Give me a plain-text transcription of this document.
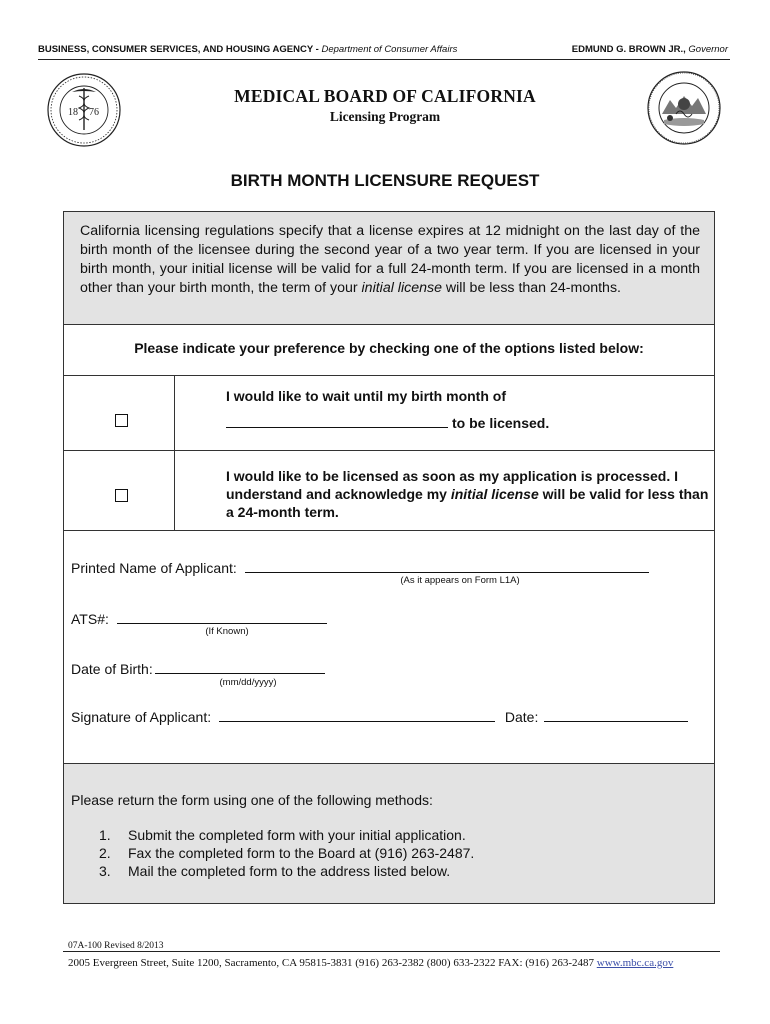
BUSINESS, CONSUMER SERVICES, AND HOUSING AGENCY - Department of Consumer Affairs	EDMUND G. BROWN JR., Governor
18 76
MEDICAL BOARD OF CALIFORNIA
Licensing Program
BIRTH MONTH LICENSURE REQUEST
California licensing regulations specify that a license expires at 12 midnight on the last day of the birth month of the licensee during the second year of a two year term. If you are licensed in your birth month, your initial license will be valid for a full 24-month term. If you are licensed in a month other than your birth month, the term of your initial license will be less than 24-months.
Please indicate your preference by checking one of the options listed below:
I would like to wait until my birth month of
to be licensed.
I would like to be licensed as soon as my application is processed. I understand and acknowledge my initial license will be valid for less than a 24-month term.
Printed Name of Applicant:
(As it appears on Form L1A)
ATS#:
(If Known)
Date of Birth:
(mm/dd/yyyy)
Signature of Applicant:	Date:
Please return the form using one of the following methods:
1. Submit the completed form with your initial application.
2. Fax the completed form to the Board at (916) 263-2487.
3. Mail the completed form to the address listed below.
07A-100 Revised 8/2013
2005 Evergreen Street, Suite 1200, Sacramento, CA 95815-3831 (916) 263-2382 (800) 633-2322 FAX: (916) 263-2487 www.mbc.ca.gov
